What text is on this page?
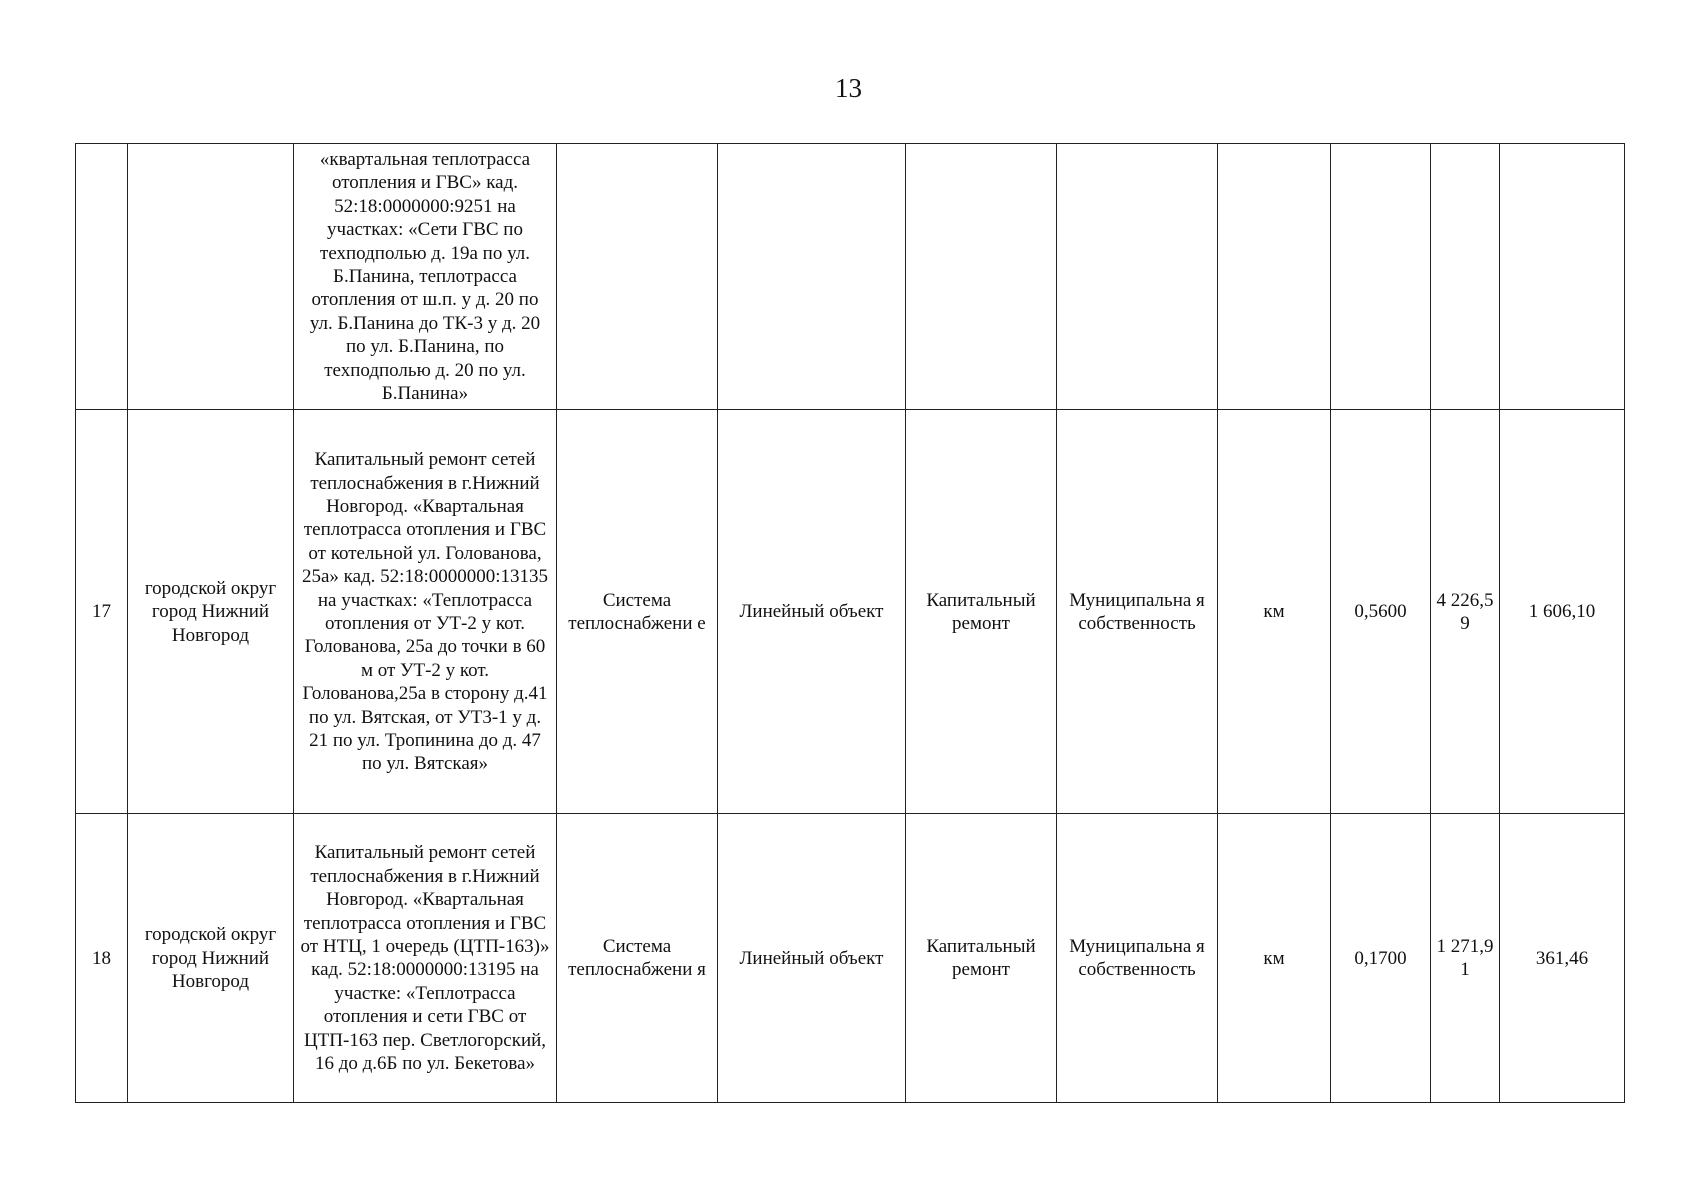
13
		«квартальная теплотрасса отопления и ГВС» кад. 52:18:0000000:9251 на участках: «Сети ГВС по техподполью д. 19а по ул. Б.Панина, теплотрасса отопления от ш.п. у д. 20 по ул. Б.Панина до ТК-3 у д. 20 по ул. Б.Панина, по техподполью д. 20 по ул. Б.Панина»								
17	городской округ город Нижний Новгород	Капитальный ремонт сетей теплоснабжения в г.Нижний Новгород. «Квартальная теплотрасса отопления и ГВС от котельной ул. Голованова, 25а» кад. 52:18:0000000:13135 на участках: «Теплотрасса отопления от УТ-2 у кот. Голованова, 25а до точки в 60 м от УТ-2 у кот. Голованова,25а в сторону д.41 по ул. Вятская, от УТ3-1 у д. 21 по ул. Тропинина до д. 47 по ул. Вятская»	Система теплоснабжени е	Линейный объект	Капитальный ремонт	Муниципальна я собственность	км	0,5600	4 226,5 9	1 606,10
18	городской округ город Нижний Новгород	Капитальный ремонт сетей теплоснабжения в г.Нижний Новгород. «Квартальная теплотрасса отопления и ГВС от НТЦ, 1 очередь (ЦТП-163)» кад. 52:18:0000000:13195 на участке: «Теплотрасса отопления и сети ГВС от ЦТП-163 пер. Светлогорский, 16 до д.6Б по ул. Бекетова»	Система теплоснабжени я	Линейный объект	Капитальный ремонт	Муниципальна я собственность	км	0,1700	1 271,9 1	361,46
